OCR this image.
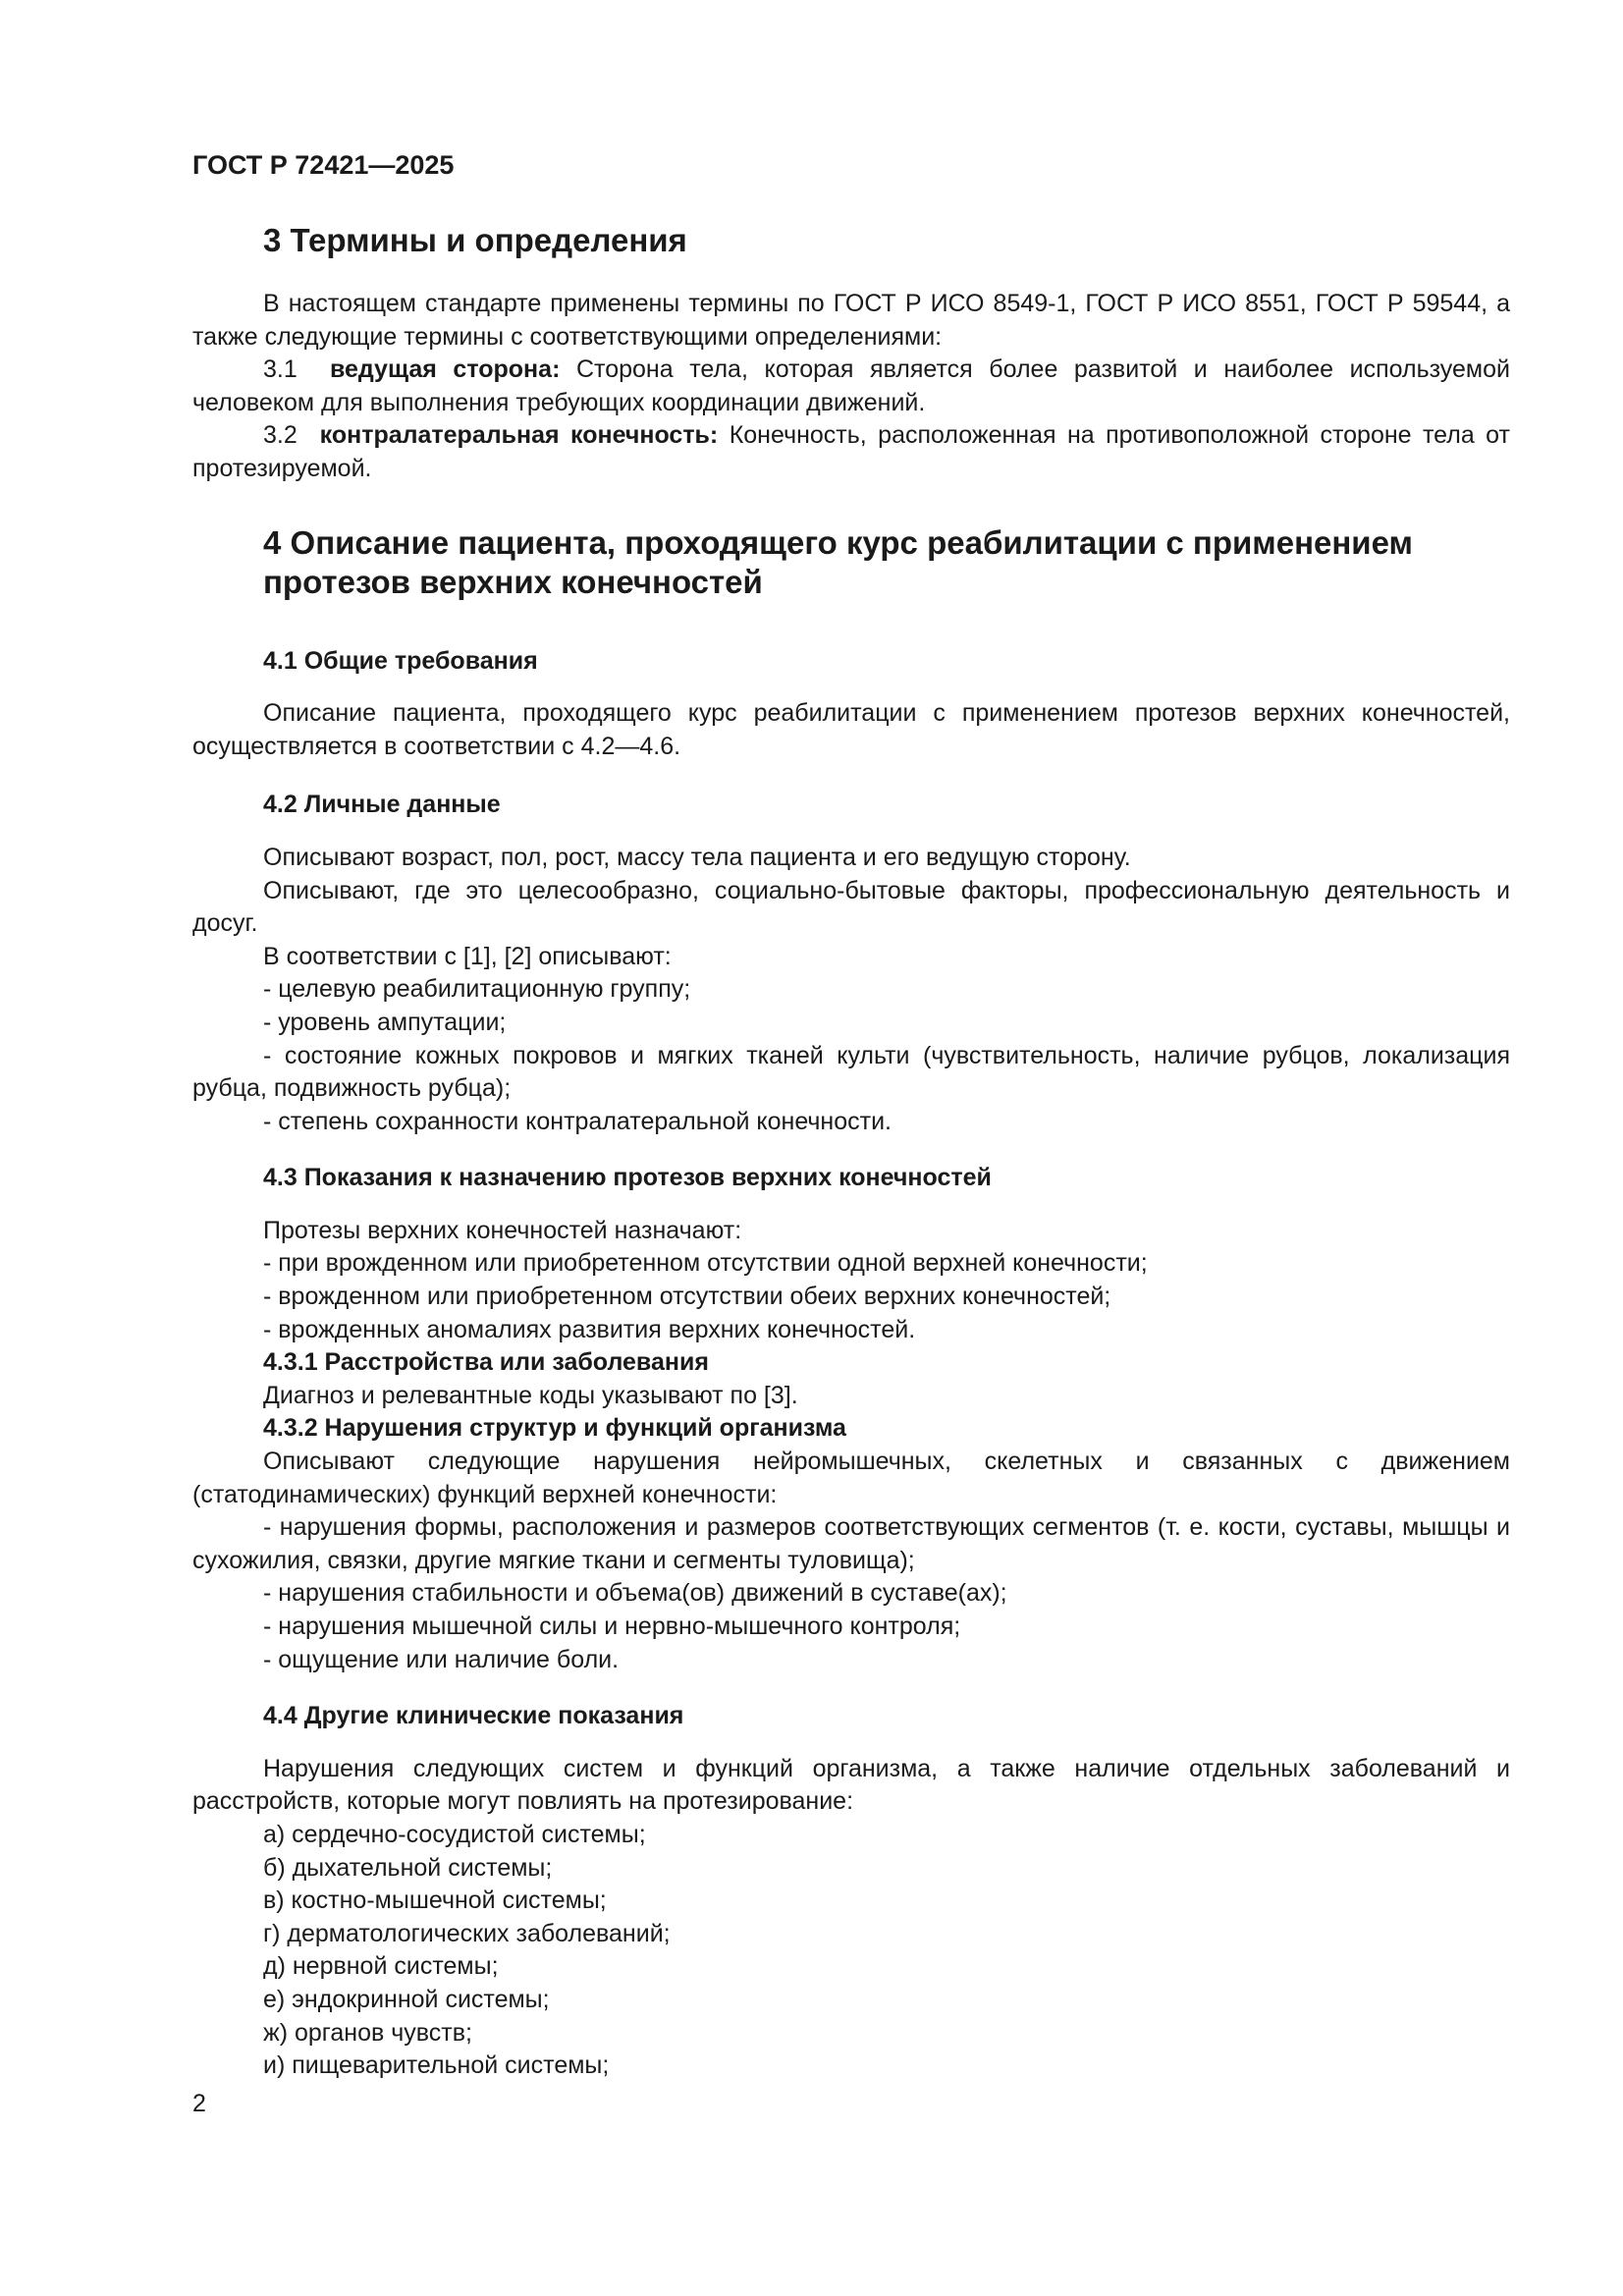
ГОСТ Р 72421—2025

3 Термины и определения

В настоящем стандарте применены термины по ГОСТ Р ИСО 8549-1, ГОСТ Р ИСО 8551, ГОСТ Р 59544, а также следующие термины с соответствующими определениями:

3.1 ведущая сторона: Сторона тела, которая является более развитой и наиболее используемой человеком для выполнения требующих координации движений.

3.2 контралатеральная конечность: Конечность, расположенная на противоположной стороне тела от протезируемой.

4 Описание пациента, проходящего курс реабилитации с применением протезов верхних конечностей
4.1 Общие требования

Описание пациента, проходящего курс реабилитации с применением протезов верхних конечностей, осуществляется в соответствии с 4.2—4.6.

4.2 Личные данные

Описывают возраст, пол, рост, массу тела пациента и его ведущую сторону.

Описывают, где это целесообразно, социально-бытовые факторы, профессиональную деятельность и досуг.

В соответствии с [1], [2] описывают:

- целевую реабилитационную группу;

- уровень ампутации;

- состояние кожных покровов и мягких тканей культи (чувствительность, наличие рубцов, локализация рубца, подвижность рубца);

- степень сохранности контралатеральной конечности.

4.3 Показания к назначению протезов верхних конечностей

Протезы верхних конечностей назначают:

- при врожденном или приобретенном отсутствии одной верхней конечности;

- врожденном или приобретенном отсутствии обеих верхних конечностей;

- врожденных аномалиях развития верхних конечностей.

4.3.1 Расстройства или заболевания

Диагноз и релевантные коды указывают по [3].

4.3.2 Нарушения структур и функций организма

Описывают следующие нарушения нейромышечных, скелетных и связанных с движением (статодинамических) функций верхней конечности:

- нарушения формы, расположения и размеров соответствующих сегментов (т. е. кости, суставы, мышцы и сухожилия, связки, другие мягкие ткани и сегменты туловища);

- нарушения стабильности и объема(ов) движений в суставе(ах);

- нарушения мышечной силы и нервно-мышечного контроля;

- ощущение или наличие боли.

4.4 Другие клинические показания

Нарушения следующих систем и функций организма, а также наличие отдельных заболеваний и расстройств, которые могут повлиять на протезирование:

а) сердечно-сосудистой системы;

б) дыхательной системы;

в) костно-мышечной системы;

г) дерматологических заболеваний;

д) нервной системы;

е) эндокринной системы;

ж) органов чувств;

и) пищеварительной системы;

2
